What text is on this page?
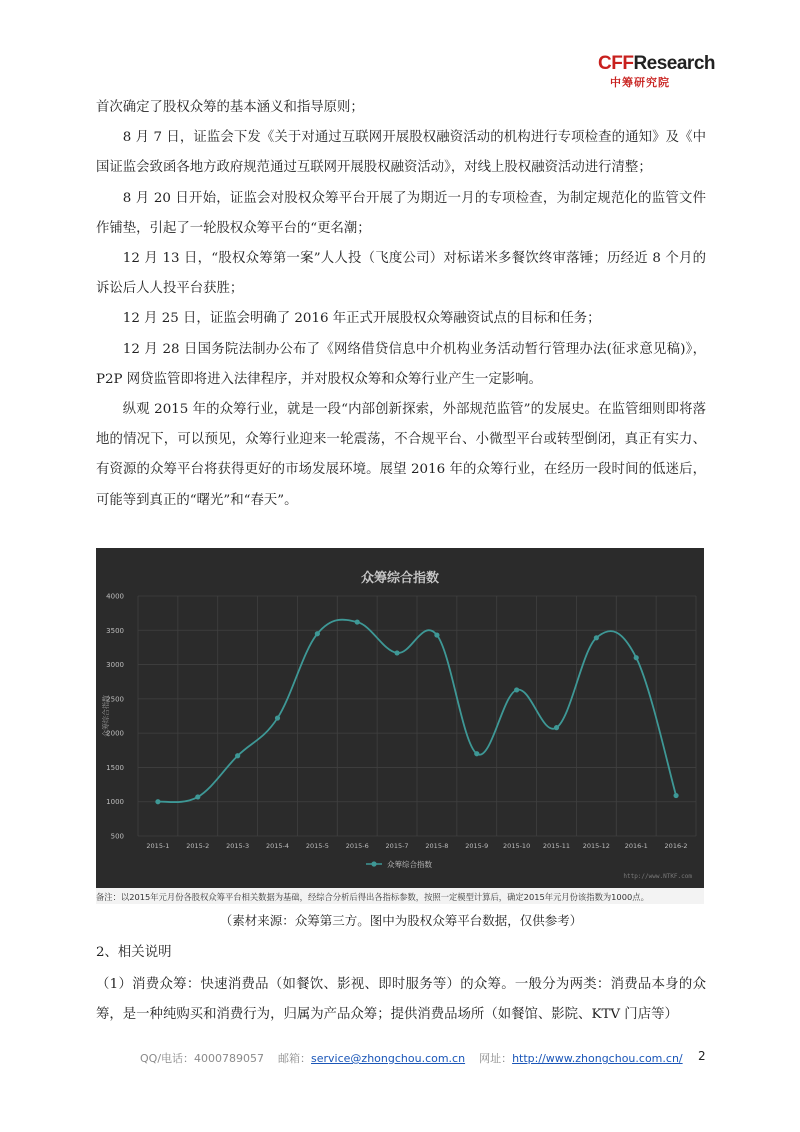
CFFResearch
中筹研究院

首次确定了股权众筹的基本涵义和指导原则；

8 月 7 日，证监会下发《关于对通过互联网开展股权融资活动的机构进行专项检查的通知》及《中国证监会致函各地方政府规范通过互联网开展股权融资活动》，对线上股权融资活动进行清整；

8 月 20 日开始，证监会对股权众筹平台开展了为期近一月的专项检查，为制定规范化的监管文件作铺垫，引起了一轮股权众筹平台的“更名潮；

12 月 13 日，“股权众筹第一案”人人投（飞度公司）对标诺米多餐饮终审落锤；历经近 8 个月的诉讼后人人投平台获胜；

12 月 25 日，证监会明确了 2016 年正式开展股权众筹融资试点的目标和任务；

12 月 28 日国务院法制办公布了《网络借贷信息中介机构业务活动暂行管理办法(征求意见稿)》，P2P 网贷监管即将进入法律程序，并对股权众筹和众筹行业产生一定影响。

纵观 2015 年的众筹行业，就是一段“内部创新探索，外部规范监管”的发展史。在监管细则即将落地的情况下，可以预见，众筹行业迎来一轮震荡，不合规平台、小微型平台或转型倒闭，真正有实力、有资源的众筹平台将获得更好的市场发展环境。展望 2016 年的众筹行业，在经历一段时间的低迷后，可能等到真正的“曙光”和“春天”。

众筹综合指数
4000
3500
3000
2500
2000
1500
1000
500
2015-1	2015-2	2015-3	2015-4	2015-5	2015-6	2015-7	2015-8	2015-9 2015-10 2015-11 2015-12 2016-1	2016-2
众筹综合指数
众筹综合指数
http://www.NTKF.com
备注：以2015年元月份各股权众筹平台相关数据为基础，经综合分析后得出各指标参数，按照一定模型计算后，确定2015年元月份该指数为1000点。
（素材来源：众筹第三方。图中为股权众筹平台数据，仅供参考）

2、相关说明

（1）消费众筹：快速消费品（如餐饮、影视、即时服务等）的众筹。一般分为两类：消费品本身的众筹，是一种纯购买和消费行为，归属为产品众筹；提供消费品场所（如餐馆、影院、KTV 门店等）

QQ/电话：4000789057 邮箱：service@zhongchou.com.cn 网址：http://www.zhongchou.com.cn/ 2
